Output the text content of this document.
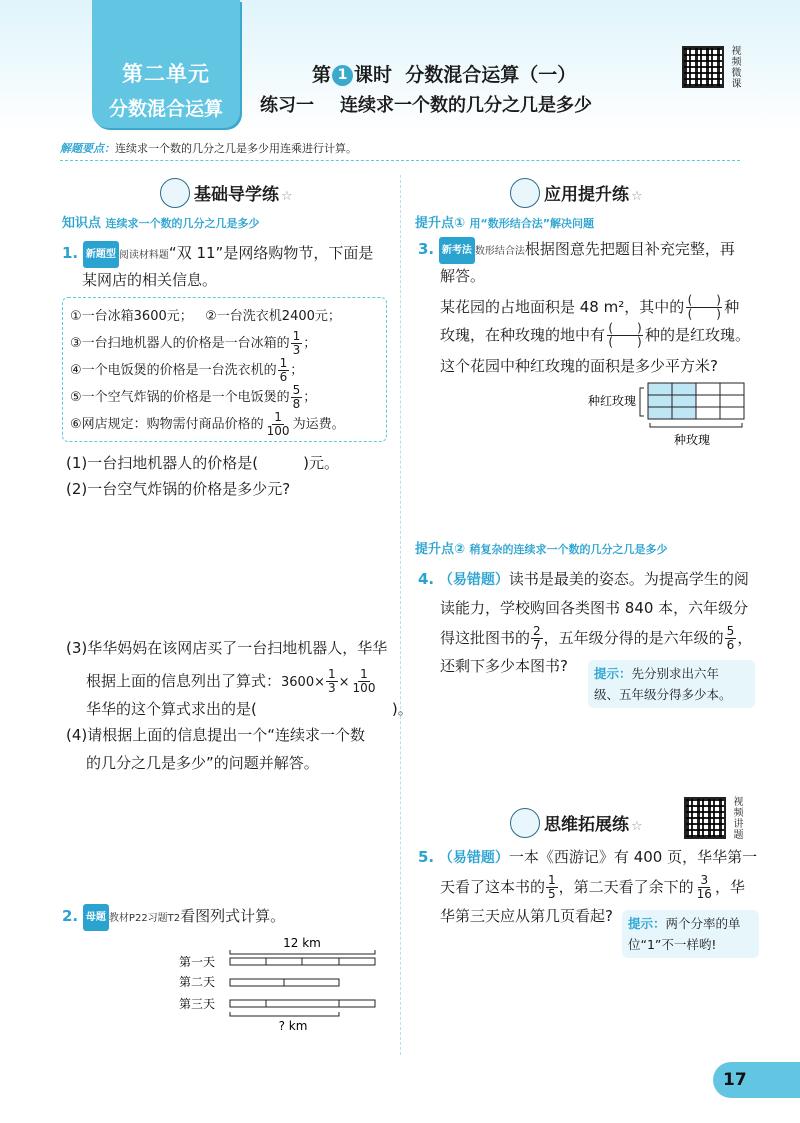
第二单元
分数混合运算
第 1 课时 分数混合运算（一）
练习一 连续求一个数的几分之几是多少
视频微课
解题要点：连续求一个数的几分之几是多少用连乘进行计算。
基础导学练 ☆
知识点 连续求一个数的几分之几是多少
1. 新题型 阅读材料题“双 11”是网络购物节，下面是
某网店的相关信息。
①一台冰箱3600元； ②一台洗衣机2400元；
③一台扫地机器人的价格是一台冰箱的 $\frac{1}{3}$ ；
④一个电饭煲的价格是一台洗衣机的 $\frac{1}{6}$ ；
⑤一个空气炸锅的价格是一个电饭煲的 $\frac{5}{8}$ ；
⑥网店规定：购物需付商品价格的 $\frac{1}{100}$ 为运费。
(1)一台扫地机器人的价格是(　　　)元。
(2)一台空气炸锅的价格是多少元?
(3)华华妈妈在该网店买了一台扫地机器人，华华
根据上面的信息列出了算式：$3600\times \frac{1}{3} \times \frac{1}{100}$
华华的这个算式求出的是(　　　　　　　　　)。
(4)请根据上面的信息提出一个“连续求一个数
的几分之几是多少”的问题并解答。
2. 母题 教材P22习题T2看图列式计算。
12 km
第一天
第二天
第三天
? km
应用提升练 ☆
提升点① 用“数形结合法”解决问题
3. 新考法 数形结合法根据图意先把题目补充完整，再
解答。
某花园的占地面积是 48 m²，其中的 $\frac{( )}{( )}$ 种
玫瑰，在种玫瑰的地中有 $\frac{( )}{( )}$ 种的是红玫瑰。
这个花园中种红玫瑰的面积是多少平方米?
种红玫瑰
种玫瑰
提升点② 稍复杂的连续求一个数的几分之几是多少
4. （易错题）读书是最美的姿态。为提高学生的阅
读能力，学校购回各类图书 840 本，六年级分
得这批图书的 $\frac{2}{7}$ ，五年级分得的是六年级的 $\frac{5}{6}$ ，
还剩下多少本图书?	提示：先分别求出六年
级、五年级分得多少本。
思维拓展练 ☆	视频讲题
5. （易错题）一本《西游记》有 400 页，华华第一
天看了这本书的 $\frac{1}{5}$ ，第二天看了余下的 $\frac{3}{16}$ ，华
华第三天应从第几页看起?	提示：两个分率的单
位“1”不一样哟!
17
